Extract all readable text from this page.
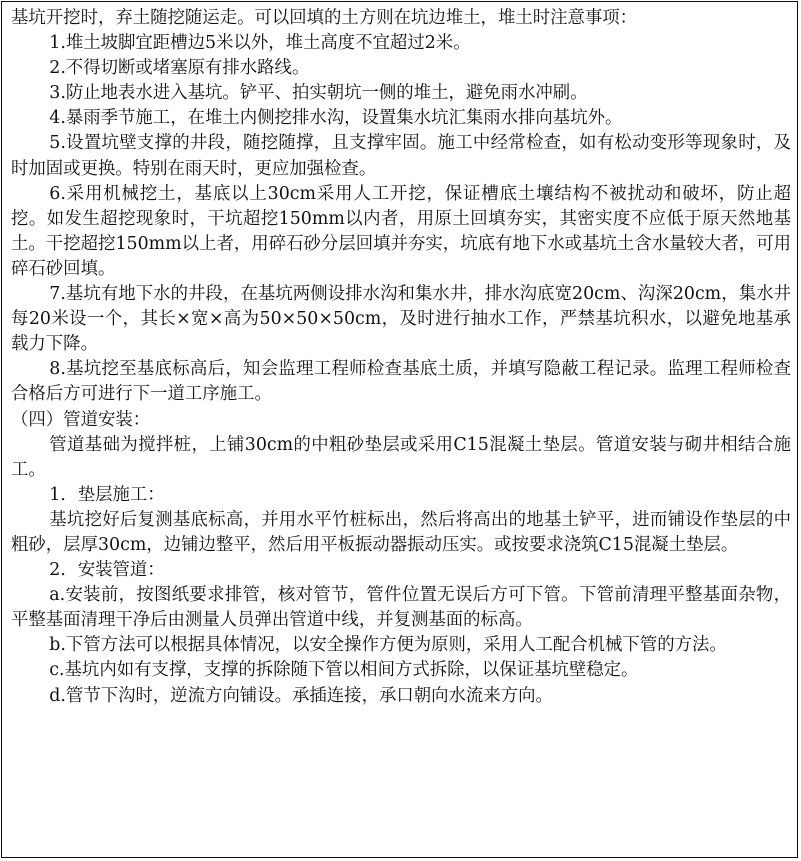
基坑开挖时，弃土随挖随运走。可以回填的土方则在坑边堆土，堆土时注意事项：

1.堆土坡脚宜距槽边5米以外，堆土高度不宜超过2米。

2.不得切断或堵塞原有排水路线。

3.防止地表水进入基坑。铲平、拍实朝坑一侧的堆土，避免雨水冲刷。

4.暴雨季节施工，在堆土内侧挖排水沟，设置集水坑汇集雨水排向基坑外。

5.设置坑壁支撑的井段，随挖随撑，且支撑牢固。施工中经常检查，如有松动变形等现象时，及时加固或更换。特别在雨天时，更应加强检查。

6.采用机械挖土，基底以上30cm采用人工开挖，保证槽底土壤结构不被扰动和破坏，防止超挖。如发生超挖现象时，干坑超挖150mm以内者，用原土回填夯实，其密实度不应低于原天然地基土。干挖超挖150mm以上者，用碎石砂分层回填并夯实，坑底有地下水或基坑土含水量较大者，可用碎石砂回填。

7.基坑有地下水的井段，在基坑两侧设排水沟和集水井，排水沟底宽20cm、沟深20cm，集水井每20米设一个，其长×宽×高为50×50×50cm，及时进行抽水工作，严禁基坑积水，以避免地基承载力下降。

8.基坑挖至基底标高后，知会监理工程师检查基底土质，并填写隐蔽工程记录。监理工程师检查合格后方可进行下一道工序施工。

（四）管道安装：

管道基础为搅拌桩，上铺30cm的中粗砂垫层或采用C15混凝土垫层。管道安装与砌井相结合施工。

1．垫层施工：

基坑挖好后复测基底标高，并用水平竹桩标出，然后将高出的地基土铲平，进而铺设作垫层的中粗砂，层厚30cm，边铺边整平，然后用平板振动器振动压实。或按要求浇筑C15混凝土垫层。

2．安装管道：

a.安装前，按图纸要求排管，核对管节，管件位置无误后方可下管。下管前清理平整基面杂物，平整基面清理干净后由测量人员弹出管道中线，并复测基面的标高。

b.下管方法可以根据具体情况，以安全操作方便为原则，采用人工配合机械下管的方法。

c.基坑内如有支撑，支撑的拆除随下管以相间方式拆除，以保证基坑壁稳定。

d.管节下沟时，逆流方向铺设。承插连接，承口朝向水流来方向。
